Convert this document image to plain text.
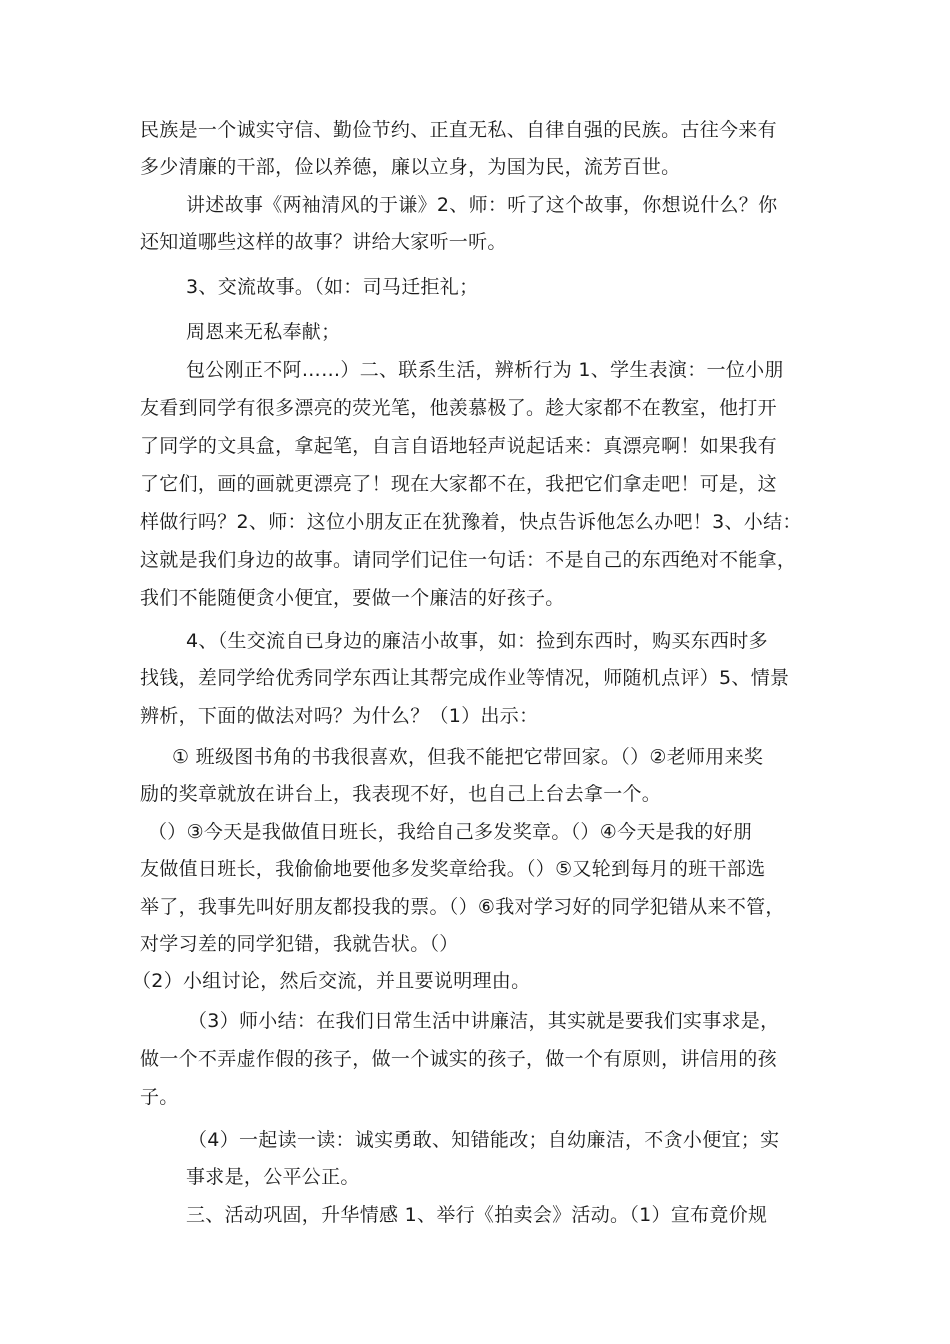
民族是一个诚实守信、勤俭节约、正直无私、自律自强的民族。古往今来有
多少清廉的干部，俭以养德，廉以立身，为国为民，流芳百世。
讲述故事《两袖清风的于谦》2、师：听了这个故事，你想说什么？你
还知道哪些这样的故事？讲给大家听一听。
3、交流故事。（如：司马迁拒礼；
周恩来无私奉献；
包公刚正不阿……）二、联系生活，辨析行为 1、学生表演：一位小朋
友看到同学有很多漂亮的荧光笔，他羡慕极了。趁大家都不在教室，他打开
了同学的文具盒，拿起笔，自言自语地轻声说起话来：真漂亮啊！如果我有
了它们，画的画就更漂亮了！现在大家都不在，我把它们拿走吧！可是，这
样做行吗？2、师：这位小朋友正在犹豫着，快点告诉他怎么办吧！3、小结：
这就是我们身边的故事。请同学们记住一句话：不是自己的东西绝对不能拿，
我们不能随便贪小便宜，要做一个廉洁的好孩子。
4、（生交流自已身边的廉洁小故事，如：捡到东西时，购买东西时多
找钱，差同学给优秀同学东西让其帮完成作业等情况，师随机点评）5、情景
辨析，下面的做法对吗？为什么？（1）出示：
① 班级图书角的书我很喜欢，但我不能把它带回家。（）②老师用来奖
励的奖章就放在讲台上，我表现不好，也自己上台去拿一个。
（）③今天是我做值日班长，我给自己多发奖章。（）④今天是我的好朋
友做值日班长，我偷偷地要他多发奖章给我。（）⑤又轮到每月的班干部选
举了，我事先叫好朋友都投我的票。（）⑥我对学习好的同学犯错从来不管，
对学习差的同学犯错，我就告状。（）
（2）小组讨论，然后交流，并且要说明理由。
（3）师小结：在我们日常生活中讲廉洁，其实就是要我们实事求是，
做一个不弄虚作假的孩子，做一个诚实的孩子，做一个有原则，讲信用的孩
子。
（4）一起读一读：诚实勇敢、知错能改；自幼廉洁，不贪小便宜；实
事求是，公平公正。
三、活动巩固，升华情感 1、举行《拍卖会》活动。（1）宣布竟价规
